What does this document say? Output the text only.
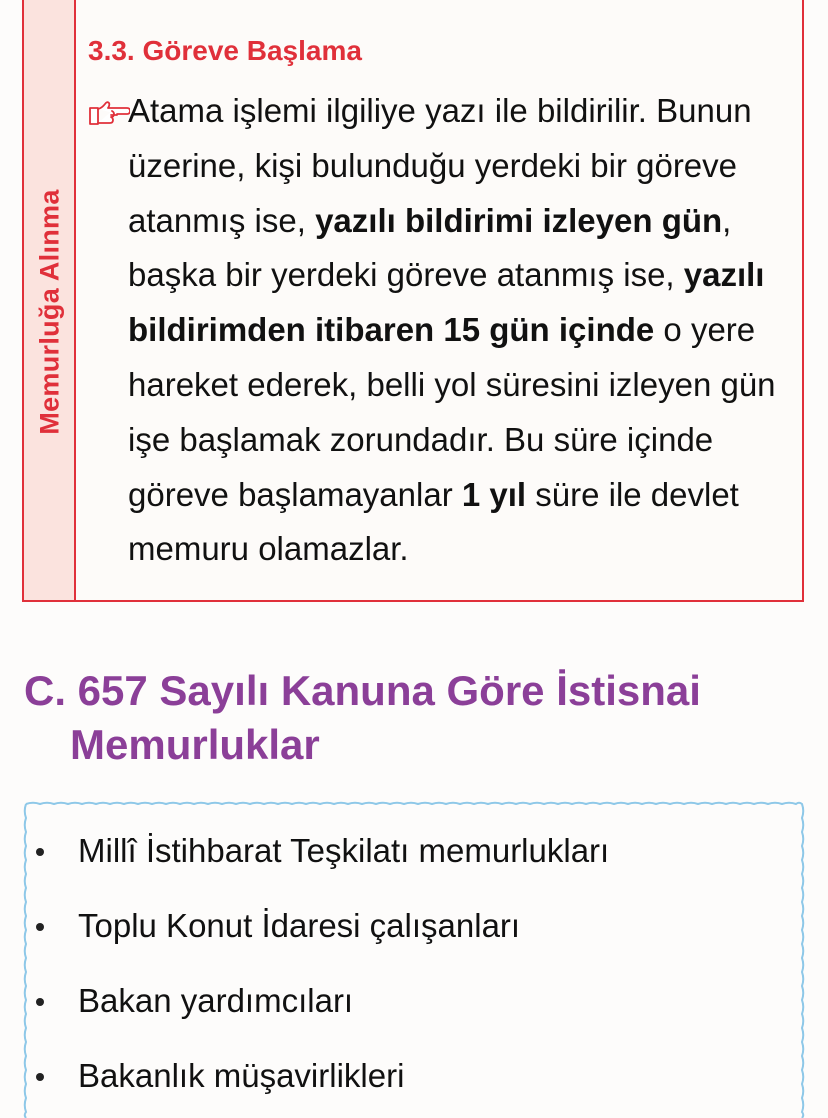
Memurluğa Alınma
3.3. Göreve Başlama

Atama işlemi ilgiliye yazı ile bildirilir. Bunun üzerine, kişi bulunduğu yerdeki bir göreve atanmış ise, yazılı bildirimi izleyen gün, başka bir yerdeki göreve atanmış ise, yazılı bildirimden itibaren 15 gün içinde o yere hareket ederek, belli yol süresini izleyen gün işe başlamak zorundadır. Bu süre içinde göreve başlamayanlar 1 yıl süre ile devlet memuru olamazlar.

C. 657 Sayılı Kanuna Göre İstisnai
Memurluklar
Millî İstihbarat Teşkilatı memurlukları
Toplu Konut İdaresi çalışanları
Bakan yardımcıları
Bakanlık müşavirlikleri
